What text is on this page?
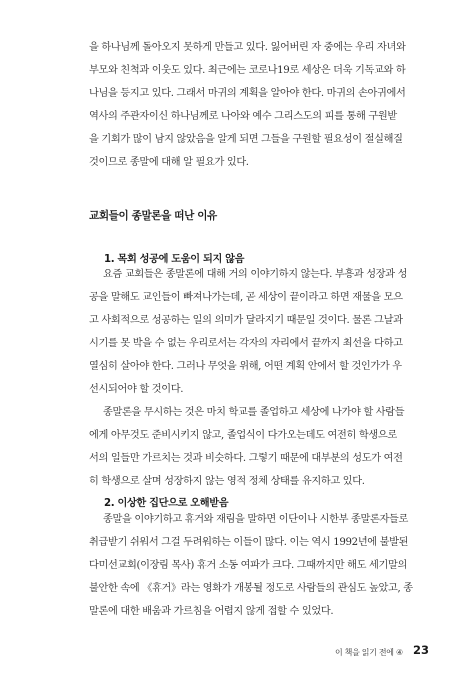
을 하나님께 돌아오지 못하게 만들고 있다. 잃어버린 자 중에는 우리 자녀와
부모와 친척과 이웃도 있다. 최근에는 코로나19로 세상은 더욱 기독교와 하
나님을 등지고 있다. 그래서 마귀의 계획을 알아야 한다. 마귀의 손아귀에서
역사의 주관자이신 하나님께로 나아와 예수 그리스도의 피를 통해 구원받
을 기회가 많이 남지 않았음을 알게 되면 그들을 구원할 필요성이 절실해질
것이므로 종말에 대해 알 필요가 있다.
교회들이 종말론을 떠난 이유
1. 목회 성공에 도움이 되지 않음
요즘 교회들은 종말론에 대해 거의 이야기하지 않는다. 부흥과 성장과 성
공을 말해도 교인들이 빠져나가는데, 곧 세상이 끝이라고 하면 재물을 모으
고 사회적으로 성공하는 일의 의미가 달라지기 때문일 것이다. 물론 그날과
시기를 못 박을 수 없는 우리로서는 각자의 자리에서 끝까지 최선을 다하고
열심히 살아야 한다. 그러나 무엇을 위해, 어떤 계획 안에서 할 것인가가 우
선시되어야 할 것이다.
종말론을 무시하는 것은 마치 학교를 졸업하고 세상에 나가야 할 사람들
에게 아무것도 준비시키지 않고, 졸업식이 다가오는데도 여전히 학생으로
서의 일들만 가르치는 것과 비슷하다. 그렇기 때문에 대부분의 성도가 여전
히 학생으로 살며 성장하지 않는 영적 정체 상태를 유지하고 있다.
2. 이상한 집단으로 오해받음
종말을 이야기하고 휴거와 재림을 말하면 이단이나 시한부 종말론자들로
취급받기 쉬워서 그걸 두려워하는 이들이 많다. 이는 역시 1992년에 불발된
다미선교회(이장림 목사) 휴거 소동 여파가 크다. 그때까지만 해도 세기말의
불안한 속에 《휴거》라는 영화가 개봉될 정도로 사람들의 관심도 높았고, 종
말론에 대한 배움과 가르침을 어렵지 않게 접할 수 있었다.
이 책을 읽기 전에 ④ 23
